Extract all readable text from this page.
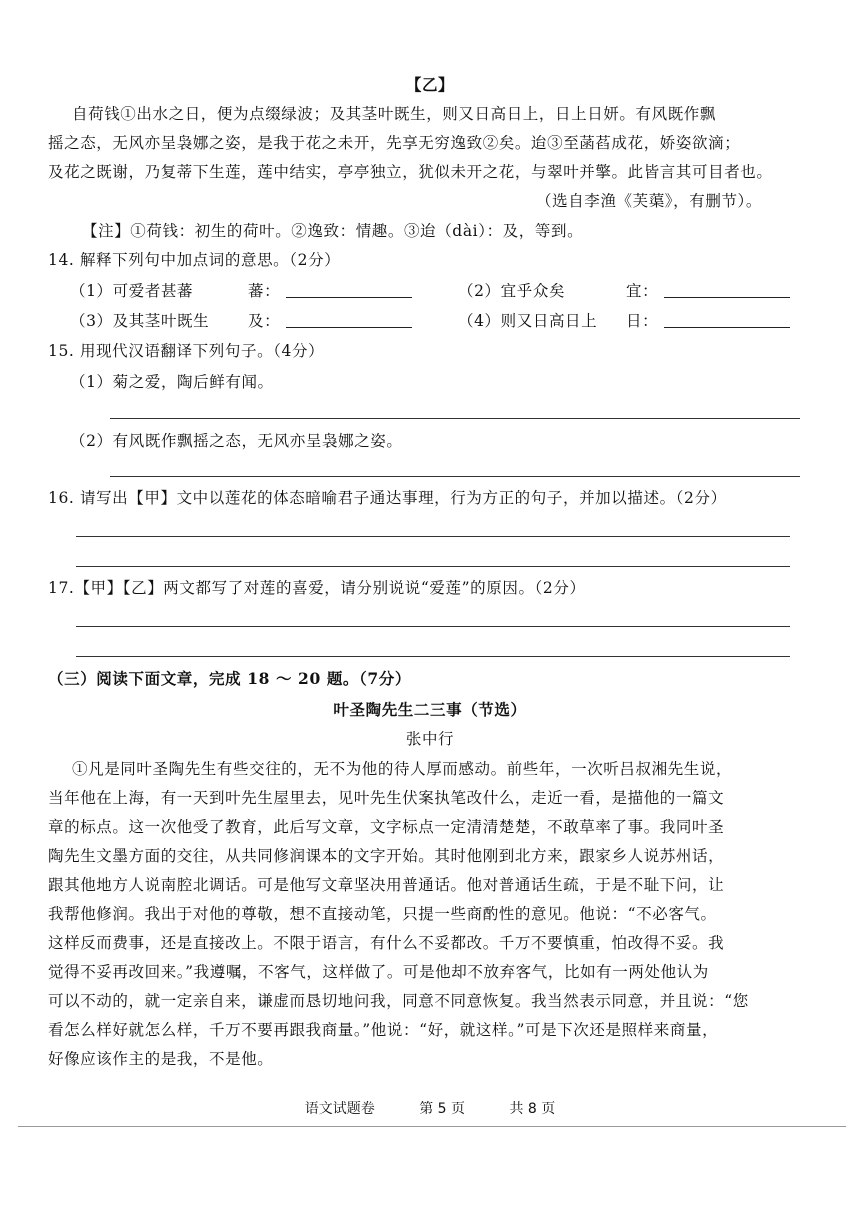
【乙】
自荷钱①出水之日，便为点缀绿波；及其茎叶既生，则又日高日上，日上日妍。有风既作飘
摇之态，无风亦呈袅娜之姿，是我于花之未开，先享无穷逸致②矣。迨③至菡萏成花，娇姿欲滴；
及花之既谢，乃复蒂下生莲，莲中结实，亭亭独立，犹似未开之花，与翠叶并擎。此皆言其可目者也。
（选自李渔《芙蕖》，有删节）。
【注】①荷钱：初生的荷叶。②逸致：情趣。③迨（dài）：及，等到。
14. 解释下列句中加点词的意思。（2分）
（1）可爱者甚蕃	蕃：	（2）宜乎众矣	宜：
（3）及其茎叶既生 及：	（4）则又日高日上 日：
15. 用现代汉语翻译下列句子。（4分）
（1）菊之爱，陶后鲜有闻。
（2）有风既作飘摇之态，无风亦呈袅娜之姿。
16. 请写出【甲】文中以莲花的体态暗喻君子通达事理，行为方正的句子，并加以描述。（2分）
17.【甲】【乙】两文都写了对莲的喜爱，请分别说说“爱莲”的原因。（2分）
（三）阅读下面文章，完成 18 ～ 20 题。（7分）
叶圣陶先生二三事（节选）
张中行
①凡是同叶圣陶先生有些交往的，无不为他的待人厚而感动。前些年，一次听吕叔湘先生说，
当年他在上海，有一天到叶先生屋里去，见叶先生伏案执笔改什么，走近一看，是描他的一篇文
章的标点。这一次他受了教育，此后写文章，文字标点一定清清楚楚，不敢草率了事。我同叶圣
陶先生文墨方面的交往，从共同修润课本的文字开始。其时他刚到北方来，跟家乡人说苏州话，
跟其他地方人说南腔北调话。可是他写文章坚决用普通话。他对普通话生疏，于是不耻下问，让
我帮他修润。我出于对他的尊敬，想不直接动笔，只提一些商酌性的意见。他说：“不必客气。
这样反而费事，还是直接改上。不限于语言，有什么不妥都改。千万不要慎重，怕改得不妥。我
觉得不妥再改回来。”我遵嘱，不客气，这样做了。可是他却不放弃客气，比如有一两处他认为
可以不动的，就一定亲自来，谦虚而恳切地问我，同意不同意恢复。我当然表示同意，并且说：“您
看怎么样好就怎么样，千万不要再跟我商量。”他说：“好，就这样。”可是下次还是照样来商量，
好像应该作主的是我，不是他。
语文试题卷	第 5 页	共 8 页
